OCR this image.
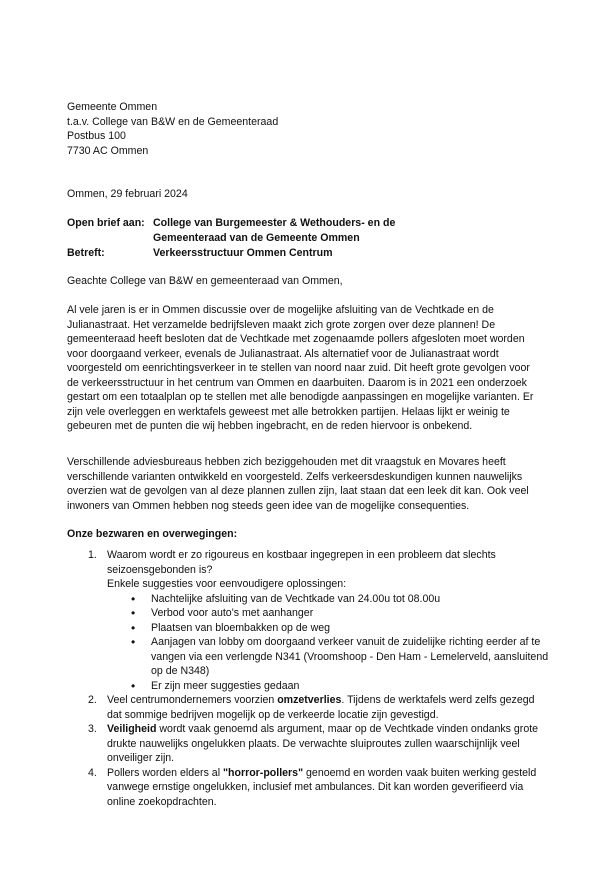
Gemeente Ommen
t.a.v. College van B&W en de Gemeenteraad
Postbus 100
7730 AC Ommen
Ommen, 29 februari 2024
Open brief aan: College van Burgemeester & Wethouders- en de
Gemeenteraad van de Gemeente Ommen
Betreft:	Verkeersstructuur Ommen Centrum
Geachte College van B&W en gemeenteraad van Ommen,
Al vele jaren is er in Ommen discussie over de mogelijke afsluiting van de Vechtkade en de
Julianastraat. Het verzamelde bedrijfsleven maakt zich grote zorgen over deze plannen! De
gemeenteraad heeft besloten dat de Vechtkade met zogenaamde pollers afgesloten moet worden
voor doorgaand verkeer, evenals de Julianastraat. Als alternatief voor de Julianastraat wordt
voorgesteld om eenrichtingsverkeer in te stellen van noord naar zuid. Dit heeft grote gevolgen voor
de verkeersstructuur in het centrum van Ommen en daarbuiten. Daarom is in 2021 een onderzoek
gestart om een totaalplan op te stellen met alle benodigde aanpassingen en mogelijke varianten. Er
zijn vele overleggen en werktafels geweest met alle betrokken partijen. Helaas lijkt er weinig te
gebeuren met de punten die wij hebben ingebracht, en de reden hiervoor is onbekend.
Verschillende adviesbureaus hebben zich beziggehouden met dit vraagstuk en Movares heeft
verschillende varianten ontwikkeld en voorgesteld. Zelfs verkeersdeskundigen kunnen nauwelijks
overzien wat de gevolgen van al deze plannen zullen zijn, laat staan dat een leek dit kan. Ook veel
inwoners van Ommen hebben nog steeds geen idee van de mogelijke consequenties.
Onze bezwaren en overwegingen:
1. Waarom wordt er zo rigoureus en kostbaar ingegrepen in een probleem dat slechts
seizoensgebonden is?
Enkele suggesties voor eenvoudigere oplossingen:
• Nachtelijke afsluiting van de Vechtkade van 24.00u tot 08.00u
• Verbod voor auto's met aanhanger
• Plaatsen van bloembakken op de weg
• Aanjagen van lobby om doorgaand verkeer vanuit de zuidelijke richting eerder af te
vangen via een verlengde N341 (Vroomshoop - Den Ham - Lemelerveld, aansluitend
op de N348)
• Er zijn meer suggesties gedaan
2. Veel centrumondernemers voorzien omzetverlies. Tijdens de werktafels werd zelfs gezegd
dat sommige bedrijven mogelijk op de verkeerde locatie zijn gevestigd.
3. Veiligheid wordt vaak genoemd als argument, maar op de Vechtkade vinden ondanks grote
drukte nauwelijks ongelukken plaats. De verwachte sluiproutes zullen waarschijnlijk veel
onveiliger zijn.
4. Pollers worden elders al "horror-pollers" genoemd en worden vaak buiten werking gesteld
vanwege ernstige ongelukken, inclusief met ambulances. Dit kan worden geverifieerd via
online zoekopdrachten.
